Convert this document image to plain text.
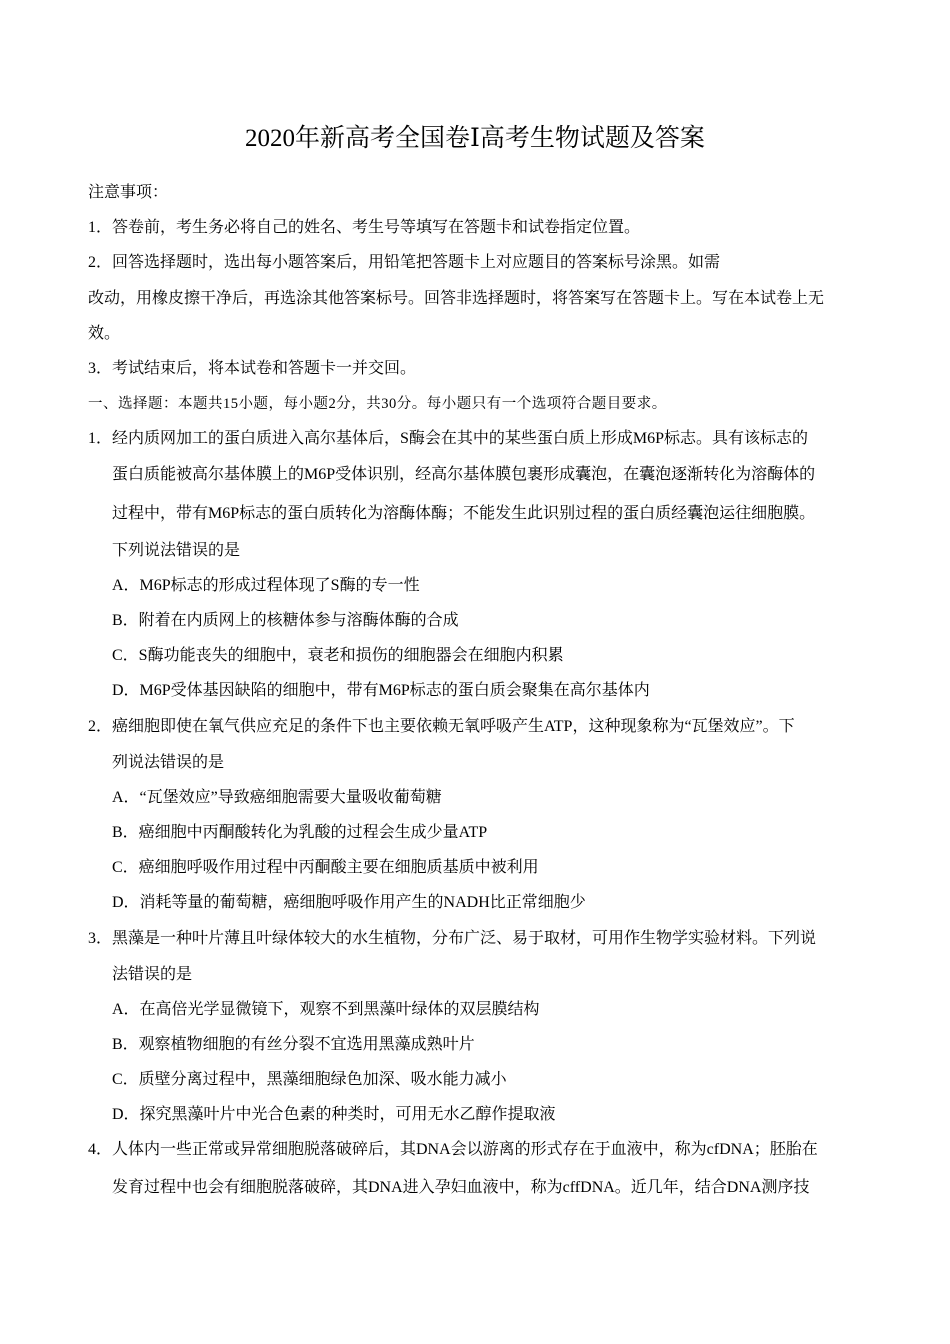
2020年新高考全国卷Ⅰ高考生物试题及答案
注意事项：
1．答卷前，考生务必将自己的姓名、考生号等填写在答题卡和试卷指定位置。
2．回答选择题时，选出每小题答案后，用铅笔把答题卡上对应题目的答案标号涂黑。如需
改动，用橡皮擦干净后，再选涂其他答案标号。回答非选择题时，将答案写在答题卡上。写在本试卷上无
效。
3．考试结束后，将本试卷和答题卡一并交回。
一、选择题：本题共15小题，每小题2分，共30分。每小题只有一个选项符合题目要求。
1．经内质网加工的蛋白质进入高尔基体后，S酶会在其中的某些蛋白质上形成M6P标志。具有该标志的
蛋白质能被高尔基体膜上的M6P受体识别，经高尔基体膜包裹形成囊泡，在囊泡逐渐转化为溶酶体的
过程中，带有M6P标志的蛋白质转化为溶酶体酶；不能发生此识别过程的蛋白质经囊泡运往细胞膜。
下列说法错误的是
A．M6P标志的形成过程体现了S酶的专一性
B．附着在内质网上的核糖体参与溶酶体酶的合成
C．S酶功能丧失的细胞中，衰老和损伤的细胞器会在细胞内积累
D．M6P受体基因缺陷的细胞中，带有M6P标志的蛋白质会聚集在高尔基体内
2．癌细胞即使在氧气供应充足的条件下也主要依赖无氧呼吸产生ATP，这种现象称为“瓦堡效应”。下
列说法错误的是
A．“瓦堡效应”导致癌细胞需要大量吸收葡萄糖
B．癌细胞中丙酮酸转化为乳酸的过程会生成少量ATP
C．癌细胞呼吸作用过程中丙酮酸主要在细胞质基质中被利用
D．消耗等量的葡萄糖，癌细胞呼吸作用产生的NADH比正常细胞少
3．黑藻是一种叶片薄且叶绿体较大的水生植物，分布广泛、易于取材，可用作生物学实验材料。下列说
法错误的是
A．在高倍光学显微镜下，观察不到黑藻叶绿体的双层膜结构
B．观察植物细胞的有丝分裂不宜选用黑藻成熟叶片
C．质壁分离过程中，黑藻细胞绿色加深、吸水能力减小
D．探究黑藻叶片中光合色素的种类时，可用无水乙醇作提取液
4．人体内一些正常或异常细胞脱落破碎后，其DNA会以游离的形式存在于血液中，称为cfDNA；胚胎在
发育过程中也会有细胞脱落破碎，其DNA进入孕妇血液中，称为cffDNA。近几年，结合DNA测序技
